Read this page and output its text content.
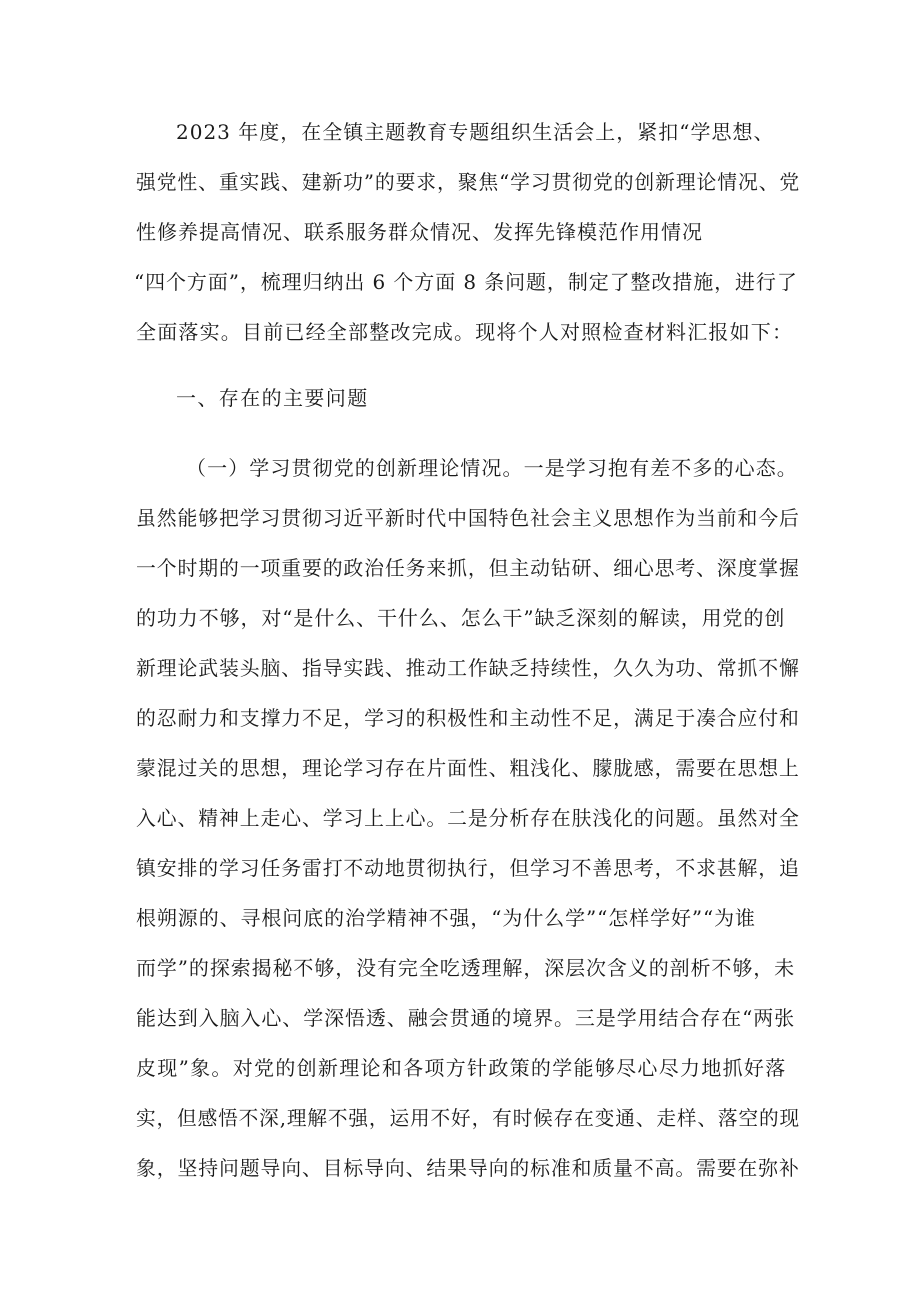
2023 年度，在全镇主题教育专题组织生活会上，紧扣“学思想、

强党性、重实践、建新功”的要求，聚焦“学习贯彻党的创新理论情况、党

性修养提高情况、联系服务群众情况、发挥先锋模范作用情况

“四个方面”，梳理归纳出 6 个方面 8 条问题，制定了整改措施，进行了

全面落实。目前已经全部整改完成。现将个人对照检查材料汇报如下：

一、存在的主要问题

（一）学习贯彻党的创新理论情况。一是学习抱有差不多的心态。

虽然能够把学习贯彻习近平新时代中国特色社会主义思想作为当前和今后

一个时期的一项重要的政治任务来抓，但主动钻研、细心思考、深度掌握

的功力不够，对“是什么、干什么、怎么干”缺乏深刻的解读，用党的创

新理论武装头脑、指导实践、推动工作缺乏持续性，久久为功、常抓不懈

的忍耐力和支撑力不足，学习的积极性和主动性不足，满足于凑合应付和

蒙混过关的思想，理论学习存在片面性、粗浅化、朦胧感，需要在思想上

入心、精神上走心、学习上上心。二是分析存在肤浅化的问题。虽然对全

镇安排的学习任务雷打不动地贯彻执行，但学习不善思考，不求甚解，追

根朔源的、寻根问底的治学精神不强，“为什么学”“怎样学好”“为谁

而学”的探索揭秘不够，没有完全吃透理解，深层次含义的剖析不够，未

能达到入脑入心、学深悟透、融会贯通的境界。三是学用结合存在“两张

皮现”象。对党的创新理论和各项方针政策的学能够尽心尽力地抓好落

实，但感悟不深,理解不强，运用不好，有时候存在变通、走样、落空的现

象，坚持问题导向、目标导向、结果导向的标准和质量不高。需要在弥补
